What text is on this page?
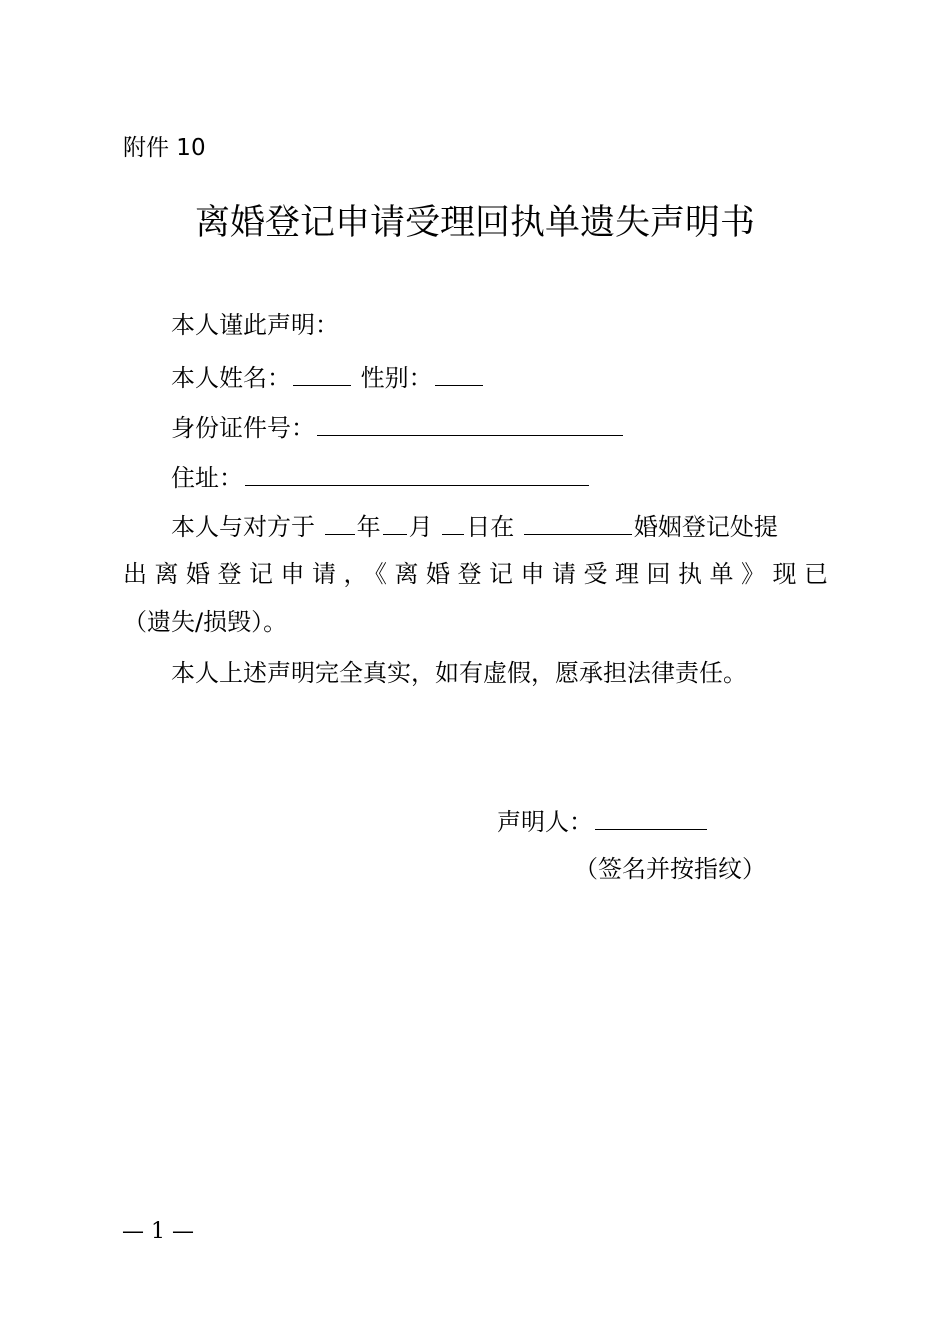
附件 10
离婚登记申请受理回执单遗失声明书
本人谨此声明：
本人姓名：	性别：
身份证件号：
住址：
本人与对方于 年 月 日在	婚姻登记处提
出离婚登记申请，《离婚登记申请受理回执单》现已
（遗失/损毁）。
本人上述声明完全真实，如有虚假，愿承担法律责任。
声明人：
（签名并按指纹）
— 1 —
